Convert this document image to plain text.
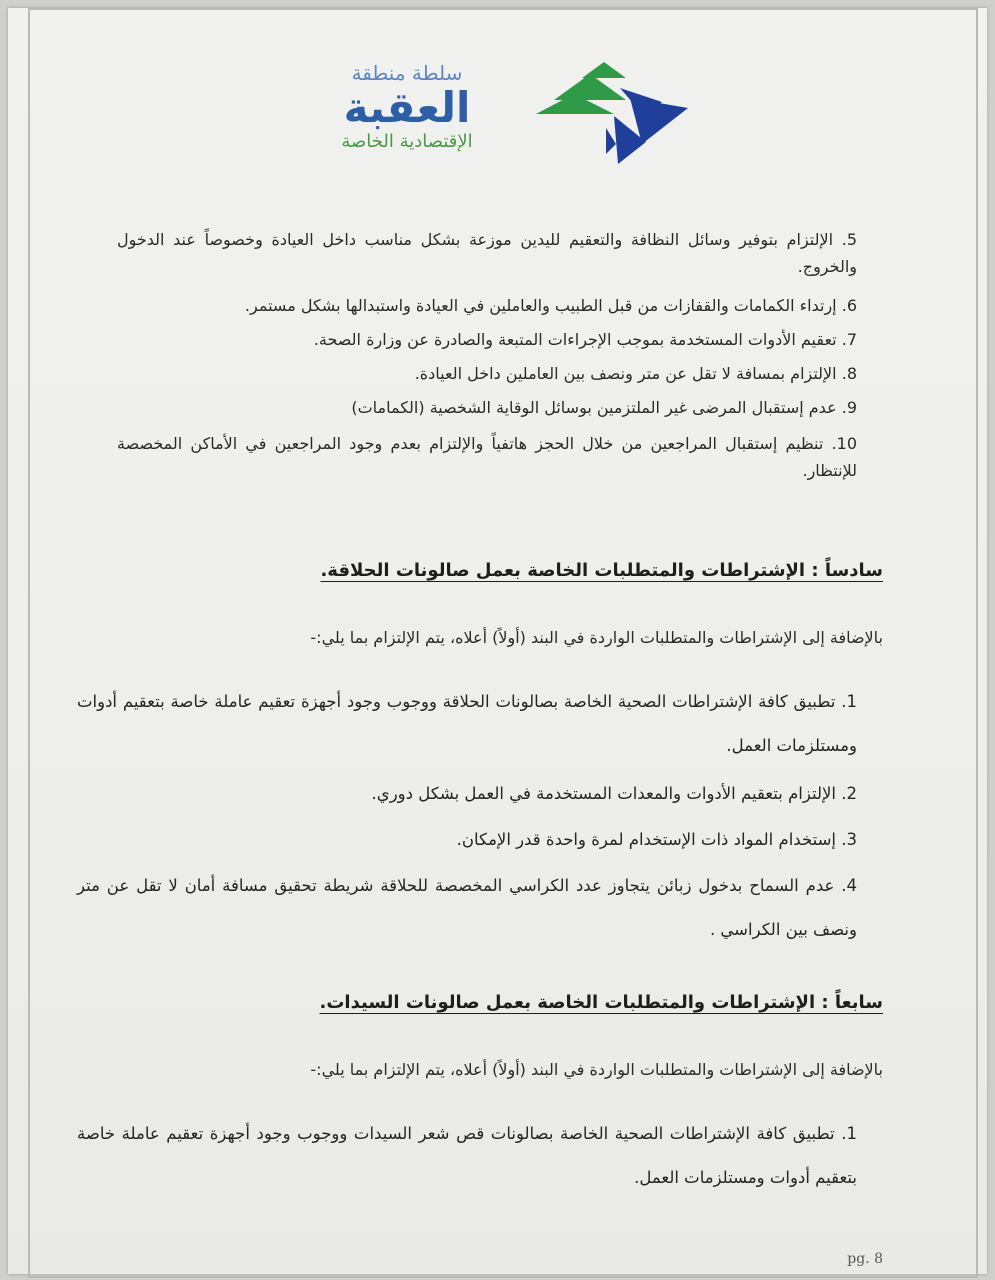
سلطة منطقة
العقبة
الإقتصادية الخاصة
5. الإلتزام بتوفير وسائل النظافة والتعقيم لليدين موزعة بشكل مناسب داخل العيادة وخصوصاً عند الدخول والخروج.
6. إرتداء الكمامات والقفازات من قبل الطبيب والعاملين في العيادة واستبدالها بشكل مستمر.
7. تعقيم الأدوات المستخدمة بموجب الإجراءات المتبعة والصادرة عن وزارة الصحة.
8. الإلتزام بمسافة لا تقل عن متر ونصف بين العاملين داخل العيادة.
9. عدم إستقبال المرضى غير الملتزمين بوسائل الوقاية الشخصية (الكمامات)
10. تنظيم إستقبال المراجعين من خلال الحجز هاتفياً والإلتزام بعدم وجود المراجعين في الأماكن المخصصة للإنتظار.
سادساً : الإشتراطات والمتطلبات الخاصة بعمل صالونات الحلاقة.
بالإضافة إلى الإشتراطات والمتطلبات الواردة في البند (أولاً) أعلاه، يتم الإلتزام بما يلي:-
1. تطبيق كافة الإشتراطات الصحية الخاصة بصالونات الحلاقة ووجوب وجود أجهزة تعقيم عاملة خاصة بتعقيم أدوات ومستلزمات العمل.
2. الإلتزام بتعقيم الأدوات والمعدات المستخدمة في العمل بشكل دوري.
3. إستخدام المواد ذات الإستخدام لمرة واحدة قدر الإمكان.
4. عدم السماح بدخول زبائن يتجاوز عدد الكراسي المخصصة للحلاقة شريطة تحقيق مسافة أمان لا تقل عن متر ونصف بين الكراسي .
سابعاً : الإشتراطات والمتطلبات الخاصة بعمل صالونات السيدات.
بالإضافة إلى الإشتراطات والمتطلبات الواردة في البند (أولاً) أعلاه، يتم الإلتزام بما يلي:-
1. تطبيق كافة الإشتراطات الصحية الخاصة بصالونات قص شعر السيدات ووجوب وجود أجهزة تعقيم عاملة خاصة بتعقيم أدوات ومستلزمات العمل.
pg. 8
